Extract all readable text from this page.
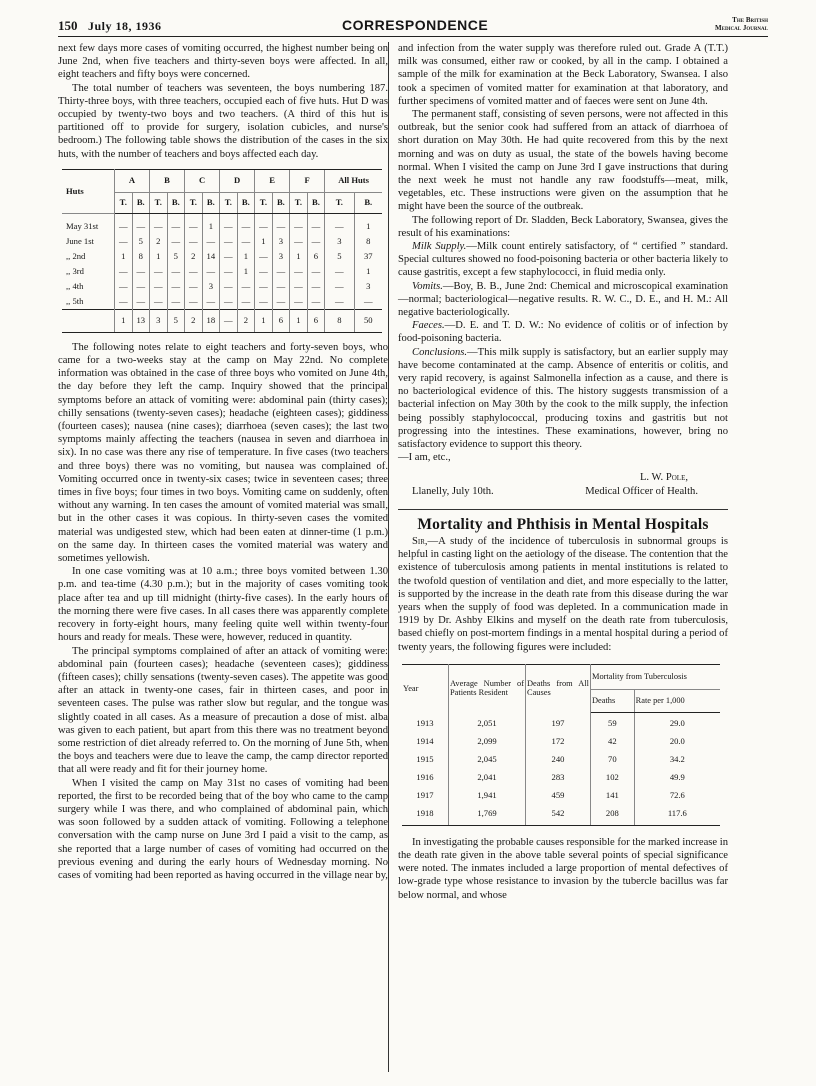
150 July 18, 1936	CORRESPONDENCE	The British
Medical Journal

next few days more cases of vomiting occurred, the highest number being on June 2nd, when five teachers and thirty-seven boys were affected. In all, eight teachers and fifty boys were concerned.

The total number of teachers was seventeen, the boys numbering 187. Thirty-three boys, with three teachers, occupied each of five huts. Hut D was occupied by twenty-two boys and two teachers. (A third of this hut is partitioned off to provide for surgery, isolation cubicles, and nurse's bedroom.) The following table shows the distribution of the cases in the six huts, with the number of teachers and boys affected each day.

Huts	A		B		C		D		E		F		All Huts	
	T.	B.	T.	B.	T.	B.	T.	B.	T.	B.	T.	B.	T.	B.
May 31st	—	—	—	—	—	1	—	—	—	—	—	—	—	1
June 1st	—	5	2	—	—	—	—	—	1	3	—	—	3	8
,, 2nd	1	8	1	5	2	14	—	1	—	3	1	6	5	37
,, 3rd	—	—	—	—	—	—	—	1	—	—	—	—	—	1
,, 4th	—	—	—	—	—	3	—	—	—	—	—	—	—	3
,, 5th	—	—	—	—	—	—	—	—	—	—	—	—	—	—
	1	13	3	5	2	18	—	2	1	6	1	6	8	50

The following notes relate to eight teachers and forty-seven boys, who came for a two-weeks stay at the camp on May 22nd. No complete information was obtained in the case of three boys who vomited on June 4th, the day before they left the camp. Inquiry showed that the principal symptoms before an attack of vomiting were: abdominal pain (thirty cases); chilly sensations (twenty-seven cases); headache (eighteen cases); giddiness (fourteen cases); nausea (nine cases); diarrhoea (seven cases); the last two symptoms mainly affecting the teachers (nausea in seven and diarrhoea in six). In no case was there any rise of temperature. In five cases (two teachers and three boys) there was no vomiting, but nausea was complained of. Vomiting occurred once in twenty-six cases; twice in seventeen cases; three times in five boys; four times in two boys. Vomiting came on suddenly, often without any warning. In ten cases the amount of vomited material was small, but in the other cases it was copious. In thirty-seven cases the vomited material was undigested stew, which had been eaten at dinner-time (1 p.m.) on the same day. In thirteen cases the vomited material was watery and sometimes yellowish.

In one case vomiting was at 10 a.m.; three boys vomited between 1.30 p.m. and tea-time (4.30 p.m.); but in the majority of cases vomiting took place after tea and up till midnight (thirty-five cases). In the early hours of the morning there were five cases. In all cases there was apparently complete recovery in forty-eight hours, many feeling quite well within twenty-four hours and ready for meals. These were, however, reduced in quantity.

The principal symptoms complained of after an attack of vomiting were: abdominal pain (fourteen cases); headache (seventeen cases); giddiness (fifteen cases); chilly sensations (twenty-seven cases). The appetite was good after an attack in twenty-one cases, fair in thirteen cases, and poor in seventeen cases. The pulse was rather slow but regular, and the tongue was slightly coated in all cases. As a measure of precaution a dose of mist. alba was given to each patient, but apart from this there was no treatment beyond some restriction of diet already referred to. On the morning of June 5th, when the boys and teachers were due to leave the camp, the camp director reported that all were ready and fit for their journey home.

When I visited the camp on May 31st no cases of vomiting had been reported, the first to be recorded being that of the boy who came to the camp surgery while I was there, and who complained of abdominal pain, which was soon followed by a sudden attack of vomiting. Following a telephone conversation with the camp nurse on June 3rd I paid a visit to the camp, as she reported that a large number of cases of vomiting had occurred on the previous evening and during the early hours of Wednesday morning. No cases of vomiting had been reported as having occurred in the village near by,

and infection from the water supply was therefore ruled out. Grade A (T.T.) milk was consumed, either raw or cooked, by all in the camp. I obtained a sample of the milk for examination at the Beck Laboratory, Swansea. I also took a specimen of vomited matter for examination at that laboratory, and further specimens of vomited matter and of faeces were sent on June 4th.

The permanent staff, consisting of seven persons, were not affected in this outbreak, but the senior cook had suffered from an attack of diarrhoea of short duration on May 30th. He had quite recovered from this by the next morning and was on duty as usual, the state of the bowels having become normal. When I visited the camp on June 3rd I gave instructions that during the next week he must not handle any raw foodstuffs—meat, milk, vegetables, etc. These instructions were given on the assumption that he might have been the source of the outbreak.

The following report of Dr. Sladden, Beck Laboratory, Swansea, gives the result of his examinations:

Milk Supply.—Milk count entirely satisfactory, of “ certified ” standard. Special cultures showed no food-poisoning bacteria or other bacteria likely to cause gastritis, except a few staphylococci, in fluid media only.

Vomits.—Boy, B. B., June 2nd: Chemical and microscopical examination—normal; bacteriological—negative results. R. W. C., D. E., and H. M.: All negative bacteriologically.

Faeces.—D. E. and T. D. W.: No evidence of colitis or of infection by food-poisoning bacteria.

Conclusions.—This milk supply is satisfactory, but an earlier supply may have become contaminated at the camp. Absence of enteritis or colitis, and very rapid recovery, is against Salmonella infection as a cause, and there is no bacteriological evidence of this. The history suggests transmission of a bacterial infection on May 30th by the cook to the milk supply, the infection being possibly staphylococcal, producing toxins and gastritis but not progressing into the intestines. These examinations, however, bring no satisfactory evidence to support this theory.

—I am, etc.,

L. W. Pole,
Llanelly, July 10th.	Medical Officer of Health.
Mortality and Phthisis in Mental Hospitals

Sir,—A study of the incidence of tuberculosis in subnormal groups is helpful in casting light on the aetiology of the disease. The contention that the existence of tuberculosis among patients in mental institutions is related to the twofold question of ventilation and diet, and more especially to the latter, is supported by the increase in the death rate from this disease during the war years when the supply of food was depleted. In a communication made in 1919 by Dr. Ashby Elkins and myself on the death rate from tuberculosis, based chiefly on post-mortem findings in a mental hospital during a period of twenty years, the following figures were included:

Year	Average Number of Patients Resident	Deaths from All Causes	Mortality from Tuberculosis	
			Deaths	Rate per 1,000
1913	2,051	197	59	29.0
1914	2,099	172	42	20.0
1915	2,045	240	70	34.2
1916	2,041	283	102	49.9
1917	1,941	459	141	72.6
1918	1,769	542	208	117.6

In investigating the probable causes responsible for the marked increase in the death rate given in the above table several points of special significance were noted. The inmates included a large proportion of mental defectives of low-grade type whose resistance to invasion by the tubercle bacillus was far below normal, and whose
